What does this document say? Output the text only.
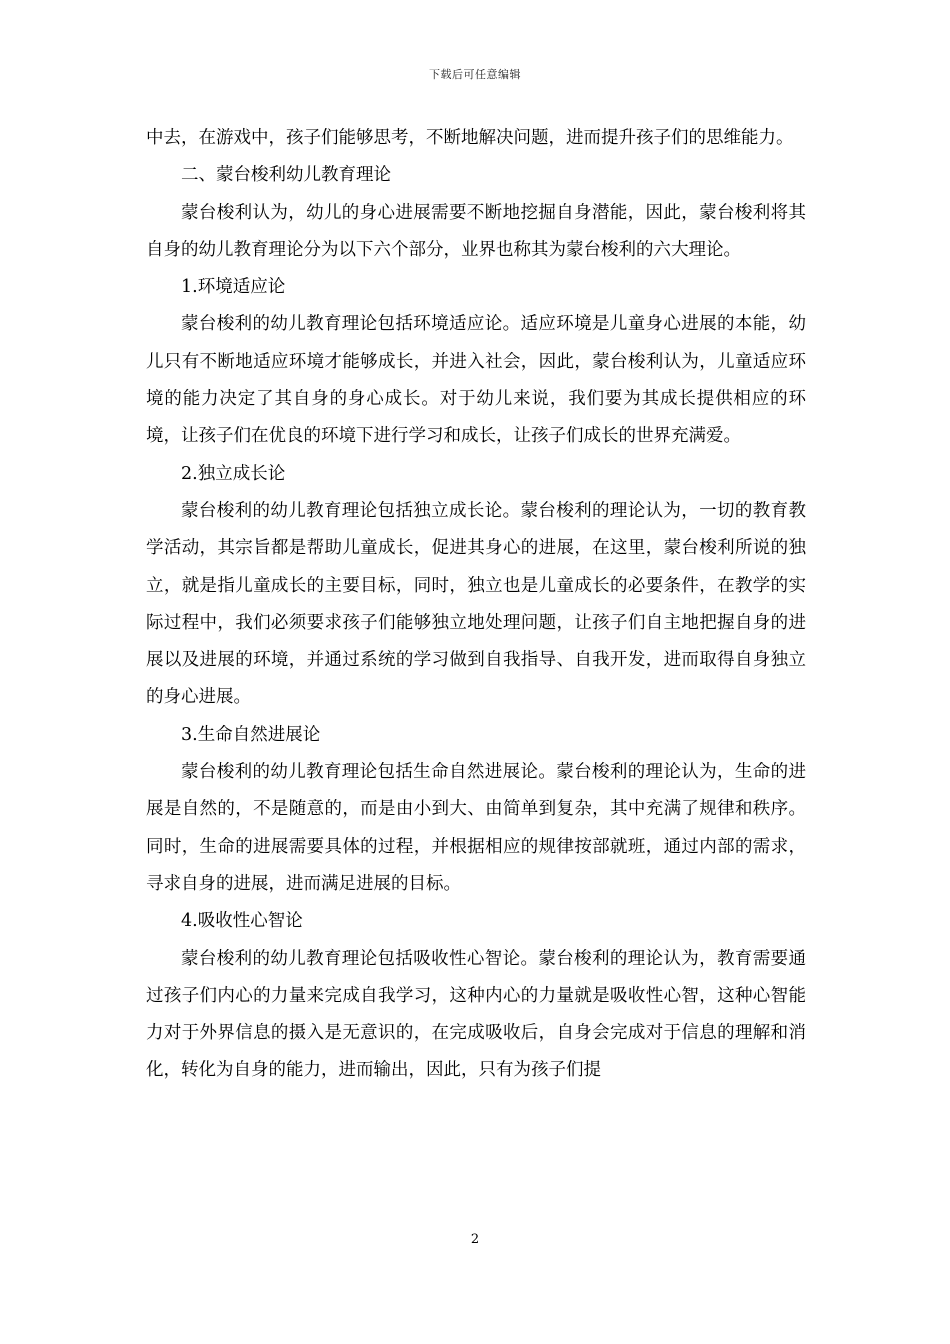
下载后可任意编辑

中去，在游戏中，孩子们能够思考，不断地解决问题，进而提升孩子们的思维能力。

二、蒙台梭利幼儿教育理论

蒙台梭利认为，幼儿的身心进展需要不断地挖掘自身潜能，因此，蒙台梭利将其自身的幼儿教育理论分为以下六个部分，业界也称其为蒙台梭利的六大理论。

1.环境适应论

蒙台梭利的幼儿教育理论包括环境适应论。适应环境是儿童身心进展的本能，幼儿只有不断地适应环境才能够成长，并进入社会，因此，蒙台梭利认为，儿童适应环境的能力决定了其自身的身心成长。对于幼儿来说，我们要为其成长提供相应的环境，让孩子们在优良的环境下进行学习和成长，让孩子们成长的世界充满爱。

2.独立成长论

蒙台梭利的幼儿教育理论包括独立成长论。蒙台梭利的理论认为，一切的教育教学活动，其宗旨都是帮助儿童成长，促进其身心的进展，在这里，蒙台梭利所说的独立，就是指儿童成长的主要目标，同时，独立也是儿童成长的必要条件，在教学的实际过程中，我们必须要求孩子们能够独立地处理问题，让孩子们自主地把握自身的进展以及进展的环境，并通过系统的学习做到自我指导、自我开发，进而取得自身独立的身心进展。

3.生命自然进展论

蒙台梭利的幼儿教育理论包括生命自然进展论。蒙台梭利的理论认为，生命的进展是自然的，不是随意的，而是由小到大、由简单到复杂，其中充满了规律和秩序。同时，生命的进展需要具体的过程，并根据相应的规律按部就班，通过内部的需求，寻求自身的进展，进而满足进展的目标。

4.吸收性心智论

蒙台梭利的幼儿教育理论包括吸收性心智论。蒙台梭利的理论认为，教育需要通过孩子们内心的力量来完成自我学习，这种内心的力量就是吸收性心智，这种心智能力对于外界信息的摄入是无意识的，在完成吸收后，自身会完成对于信息的理解和消化，转化为自身的能力，进而输出，因此，只有为孩子们提

2
